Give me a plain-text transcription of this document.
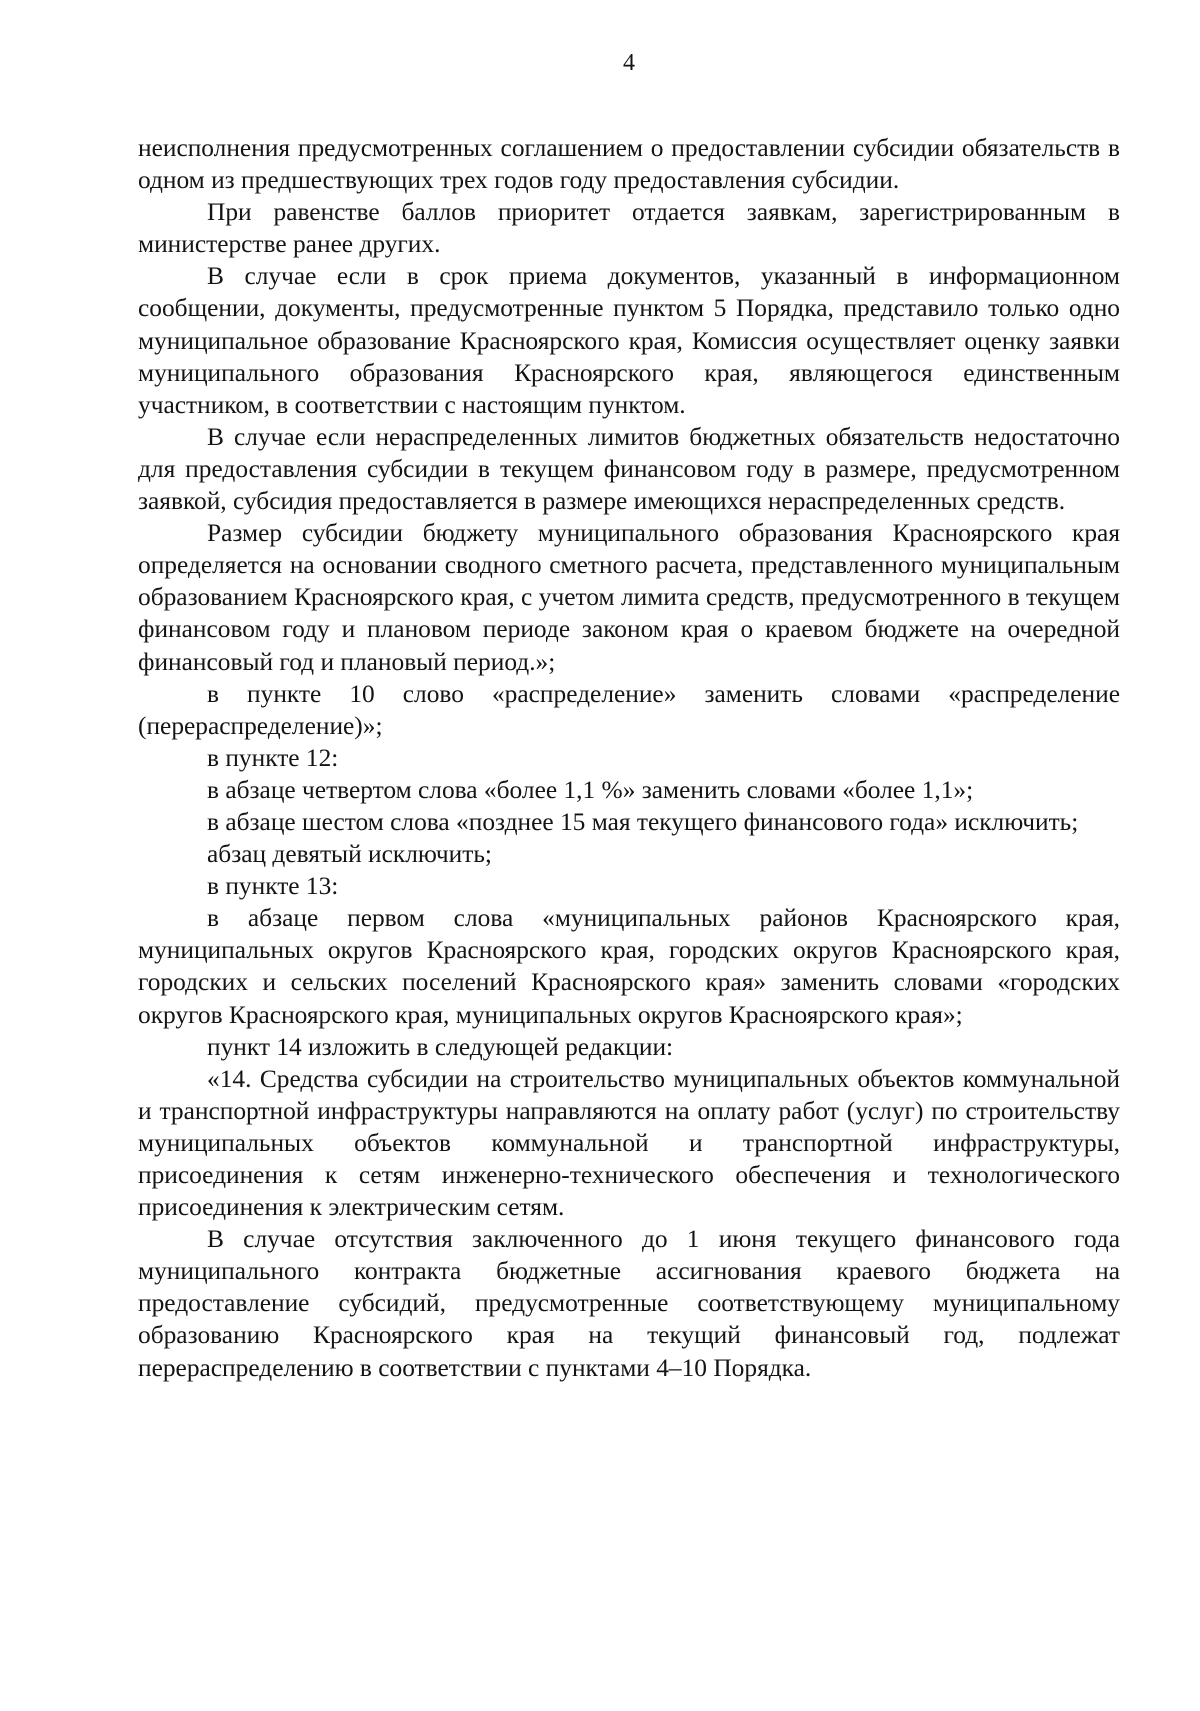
4

неисполнения предусмотренных соглашением о предоставлении субсидии обязательств в одном из предшествующих трех годов году предоставления субсидии.

При равенстве баллов приоритет отдается заявкам, зарегистрированным в министерстве ранее других.

В случае если в срок приема документов, указанный в информационном сообщении, документы, предусмотренные пунктом 5 Порядка, представило только одно муниципальное образование Красноярского края, Комиссия осуществляет оценку заявки муниципального образования Красноярского края, являющегося единственным участником, в соответствии с настоящим пунктом.

В случае если нераспределенных лимитов бюджетных обязательств недостаточно для предоставления субсидии в текущем финансовом году в размере, предусмотренном заявкой, субсидия предоставляется в размере имеющихся нераспределенных средств.

Размер субсидии бюджету муниципального образования Красноярского края определяется на основании сводного сметного расчета, представленного муниципальным образованием Красноярского края, с учетом лимита средств, предусмотренного в текущем финансовом году и плановом периоде законом края о краевом бюджете на очередной финансовый год и плановый период.»;

в пункте 10 слово «распределение» заменить словами «распределение (перераспределение)»;

в пункте 12:

в абзаце четвертом слова «более 1,1 %» заменить словами «более 1,1»;

в абзаце шестом слова «позднее 15 мая текущего финансового года» исключить;

абзац девятый исключить;

в пункте 13:

в абзаце первом слова «муниципальных районов Красноярского края, муниципальных округов Красноярского края, городских округов Красноярского края, городских и сельских поселений Красноярского края» заменить словами «городских округов Красноярского края, муниципальных округов Красноярского края»;

пункт 14 изложить в следующей редакции:

«14. Средства субсидии на строительство муниципальных объектов коммунальной и транспортной инфраструктуры направляются на оплату работ (услуг) по строительству муниципальных объектов коммунальной и транспортной инфраструктуры, присоединения к сетям инженерно-технического обеспечения и технологического присоединения к электрическим сетям.

В случае отсутствия заключенного до 1 июня текущего финансового года муниципального контракта бюджетные ассигнования краевого бюджета на предоставление субсидий, предусмотренные соответствующему муниципальному образованию Красноярского края на текущий финансовый год, подлежат перераспределению в соответствии с пунктами 4–10 Порядка.
